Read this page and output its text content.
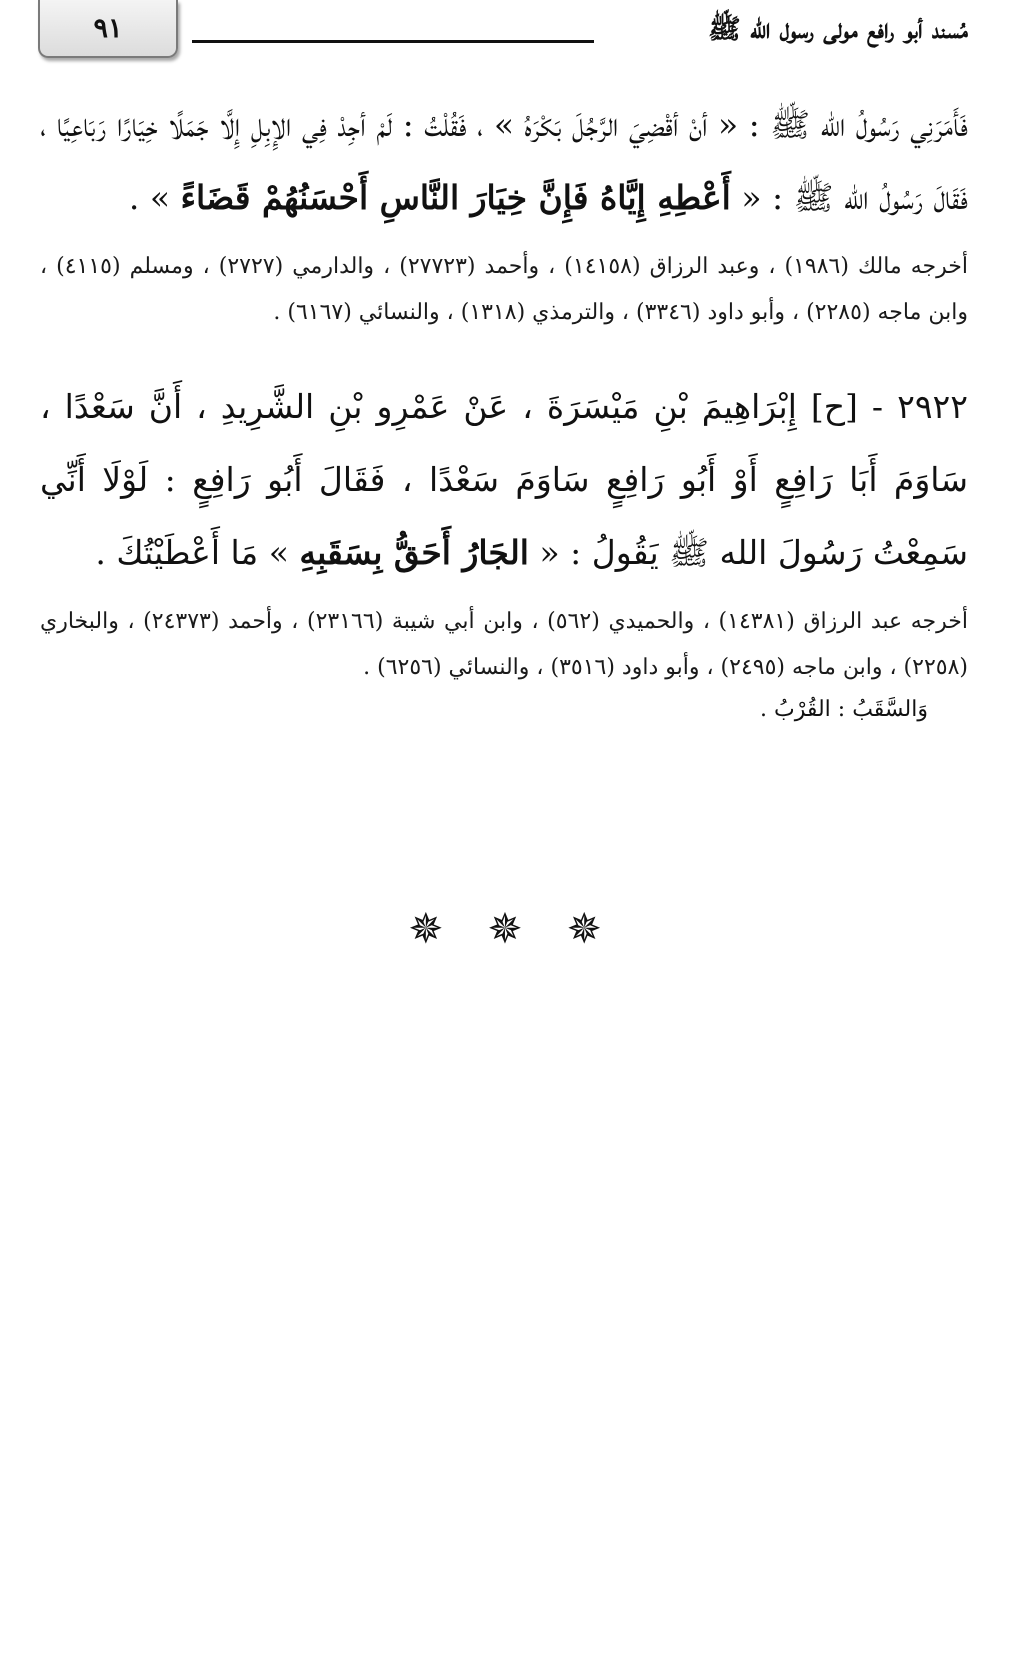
٩١	مُسند أبو رافع مولى رسول الله ﷺ

فَأَمَرَنِي رَسُولُ الله ﷺ : « أنْ أقْضِيَ الرَّجُلَ بَكْرَهُ » ، فَقُلْتُ : لَمْ أجِدْ فِي الإِبِلِ إِلَّا جَمَلًا خِيَارًا رَبَاعِيًا ، فَقَالَ رَسُولُ الله ﷺ : « أَعْطِهِ إِيَّاهُ فَإِنَّ خِيَارَ النَّاسِ أَحْسَنُهُمْ قَضَاءً » .

أخرجه مالك (١٩٨٦) ، وعبد الرزاق (١٤١٥٨) ، وأحمد (٢٧٧٢٣) ، والدارمي (٢٧٢٧) ، ومسلم (٤١١٥) ، وابن ماجه (٢٢٨٥) ، وأبو داود (٣٣٤٦) ، والترمذي (١٣١٨) ، والنسائي (٦١٦٧) .

٢٩٢٢ - [ح] إِبْرَاهِيمَ بْنِ مَيْسَرَةَ ، عَنْ عَمْرِو بْنِ الشَّرِيدِ ، أَنَّ سَعْدًا ، سَاوَمَ أَبَا رَافِعٍ أَوْ أَبُو رَافِعٍ سَاوَمَ سَعْدًا ، فَقَالَ أَبُو رَافِعٍ : لَوْلَا أَنِّي سَمِعْتُ رَسُولَ الله ﷺ يَقُولُ : « الجَارُ أَحَقُّ بِسَقَبِهِ » مَا أَعْطَيْتُكَ .

أخرجه عبد الرزاق (١٤٣٨١) ، والحميدي (٥٦٢) ، وابن أبي شيبة (٢٣١٦٦) ، وأحمد (٢٤٣٧٣) ، والبخاري (٢٢٥٨) ، وابن ماجه (٢٤٩٥) ، وأبو داود (٣٥١٦) ، والنسائي (٦٢٥٦) .

وَالسَّقَبُ : القُرْبُ .

✵ ✵ ✵
